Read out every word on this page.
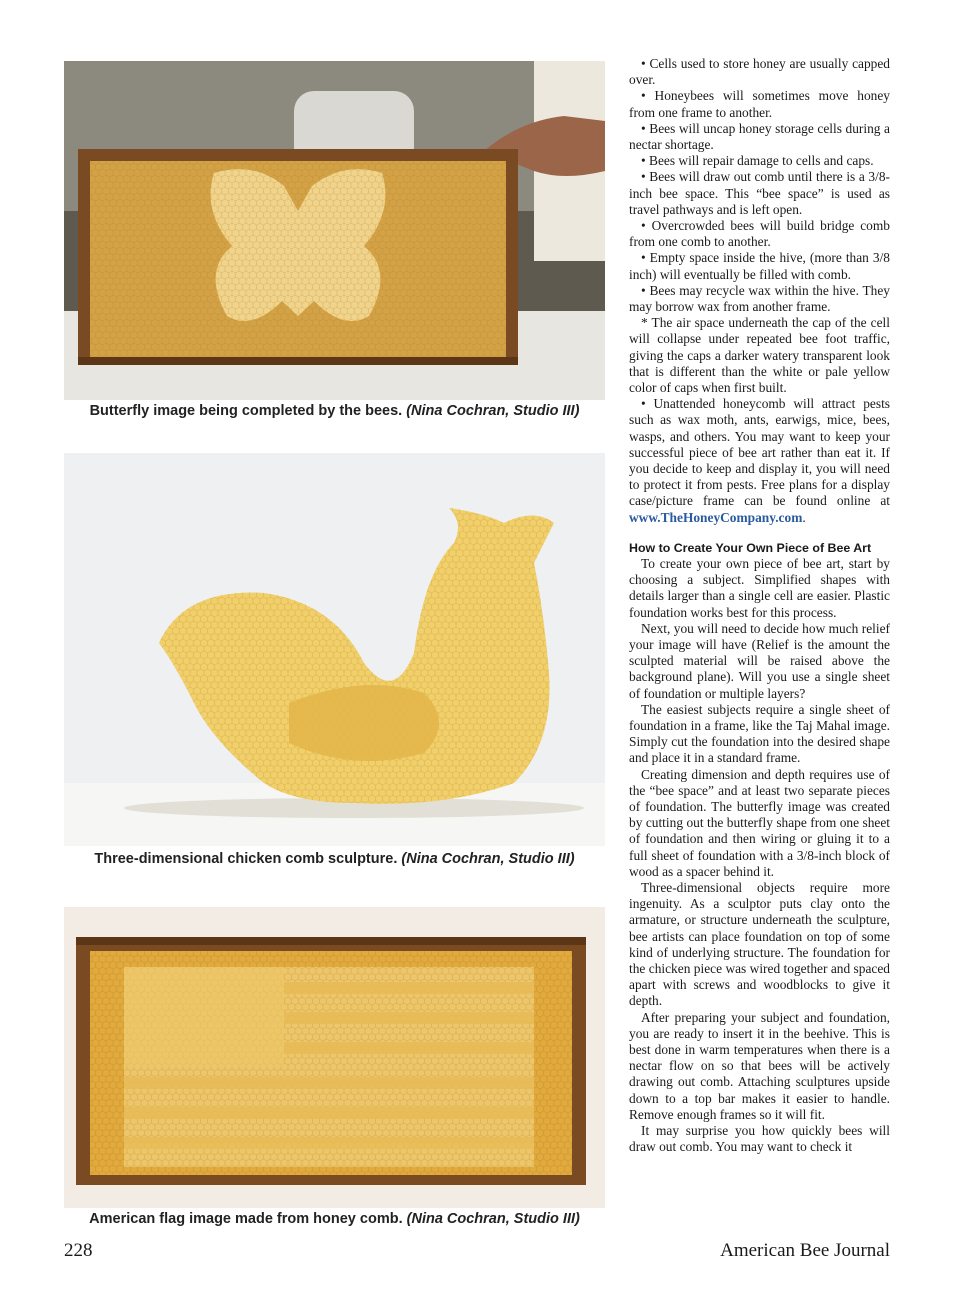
Butterfly image being completed by the bees. (Nina Cochran, Studio III)
Three-dimensional chicken comb sculpture. (Nina Cochran, Studio III)
American flag image made from honey comb. (Nina Cochran, Studio III)

• Cells used to store honey are usually capped over.

• Honeybees will sometimes move honey from one frame to another.

• Bees will uncap honey storage cells during a nectar shortage.

• Bees will repair damage to cells and caps.

• Bees will draw out comb until there is a 3/8-inch bee space. This “bee space” is used as travel pathways and is left open.

• Overcrowded bees will build bridge comb from one comb to another.

• Empty space inside the hive, (more than 3/8 inch) will eventually be filled with comb.

• Bees may recycle wax within the hive. They may borrow wax from another frame.

* The air space underneath the cap of the cell will collapse under repeated bee foot traffic, giving the caps a darker watery transparent look that is different than the white or pale yellow color of caps when first built.

• Unattended honeycomb will attract pests such as wax moth, ants, earwigs, mice, bees, wasps, and others. You may want to keep your successful piece of bee art rather than eat it. If you decide to keep and display it, you will need to protect it from pests. Free plans for a display case/picture frame can be found online at www.TheHoneyCompany.com.

How to Create Your Own Piece of Bee Art

To create your own piece of bee art, start by choosing a subject. Simplified shapes with details larger than a single cell are easier. Plastic foundation works best for this process.

Next, you will need to decide how much relief your image will have (Relief is the amount the sculpted material will be raised above the background plane). Will you use a single sheet of foundation or multiple layers?

The easiest subjects require a single sheet of foundation in a frame, like the Taj Mahal image. Simply cut the foundation into the desired shape and place it in a standard frame.

Creating dimension and depth requires use of the “bee space” and at least two separate pieces of foundation. The butterfly image was created by cutting out the butterfly shape from one sheet of foundation and then wiring or gluing it to a full sheet of foundation with a 3/8-inch block of wood as a spacer behind it.

Three-dimensional objects require more ingenuity. As a sculptor puts clay onto the armature, or structure underneath the sculpture, bee artists can place foundation on top of some kind of underlying structure. The foundation for the chicken piece was wired together and spaced apart with screws and woodblocks to give it depth.

After preparing your subject and foundation, you are ready to insert it in the beehive. This is best done in warm temperatures when there is a nectar flow on so that bees will be actively drawing out comb. Attaching sculptures upside down to a top bar makes it easier to handle. Remove enough frames so it will fit.

It may surprise you how quickly bees will draw out comb. You may want to check it

228	American Bee Journal
